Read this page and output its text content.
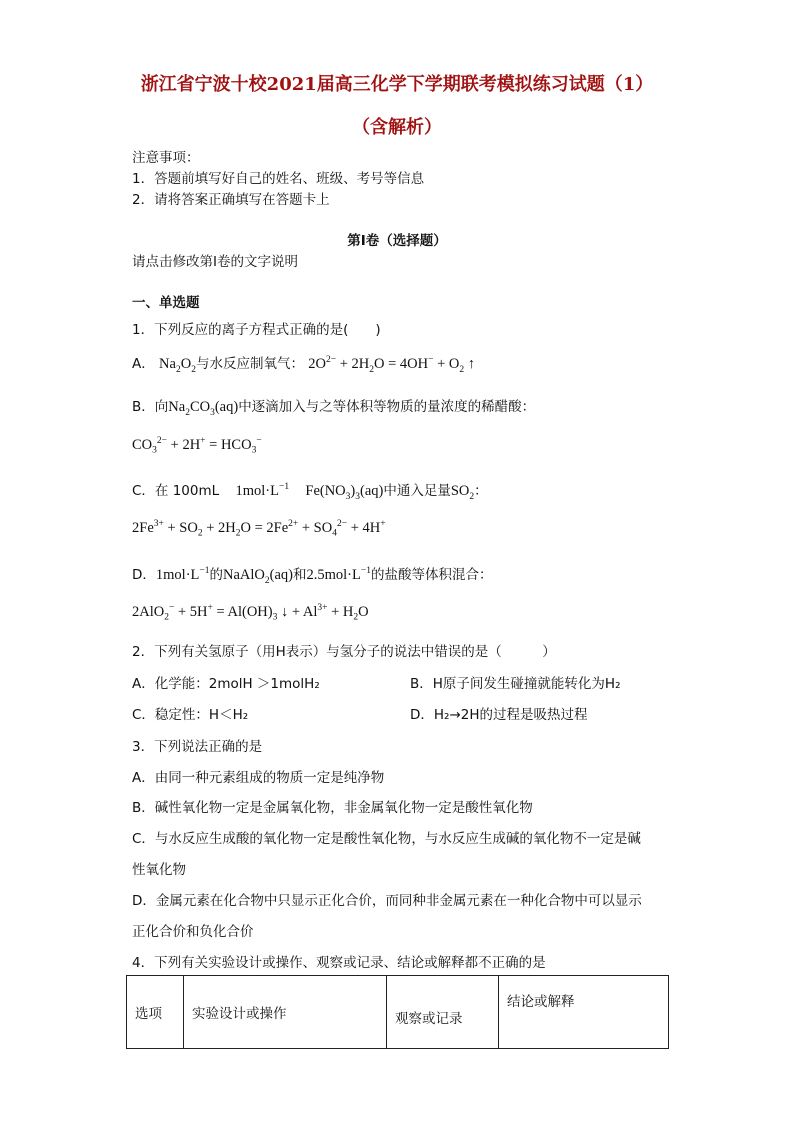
浙江省宁波十校2021届高三化学下学期联考模拟练习试题（1）
（含解析）
注意事项：
1．答题前填写好自己的姓名、班级、考号等信息
2．请将答案正确填写在答题卡上
第I卷（选择题）
请点击修改第I卷的文字说明
一、单选题
1．下列反应的离子方程式正确的是(　　)
A． $Na_2O_2$与水反应制氧气： $2O^{2-} + 2H_2O = 4OH^- + O_2$ ↑
B．向$Na_2CO_3(aq)$中逐滴加入与之等体积等物质的量浓度的稀醋酸：
$CO_3^{2-} + 2H^+ = HCO_3^-$
C．在 100mL $1mol\cdot L^{-1}$ $Fe(NO_3)_3(aq)$中通入足量$SO_2$：
$2Fe^{3+} + SO_2 + 2H_2O = 2Fe^{2+} + SO_4^{2-} + 4H^+$
D．$1mol\cdot L^{-1}$的NaAlO$_2$(aq)和$2.5mol\cdot L^{-1}$的盐酸等体积混合：
$2AlO_2^- + 5H^+ = Al(OH)_3$ ↓ + $Al^{3+} + H_2O$
2．下列有关氢原子（用H表示）与氢分子的说法中错误的是（　　　）
A．化学能：2molH ＞1molH₂	B．H原子间发生碰撞就能转化为H₂
C．稳定性：H＜H₂	D．H₂→2H的过程是吸热过程
3．下列说法正确的是
A．由同一种元素组成的物质一定是纯净物
B．碱性氧化物一定是金属氧化物，非金属氧化物一定是酸性氧化物
C．与水反应生成酸的氧化物一定是酸性氧化物，与水反应生成碱的氧化物不一定是碱
性氧化物
D．金属元素在化合物中只显示正化合价，而同种非金属元素在一种化合物中可以显示
正化合价和负化合价
4．下列有关实验设计或操作、观察或记录、结论或解释都不正确的是
选项	实验设计或操作	观察或记录	结论或解释
